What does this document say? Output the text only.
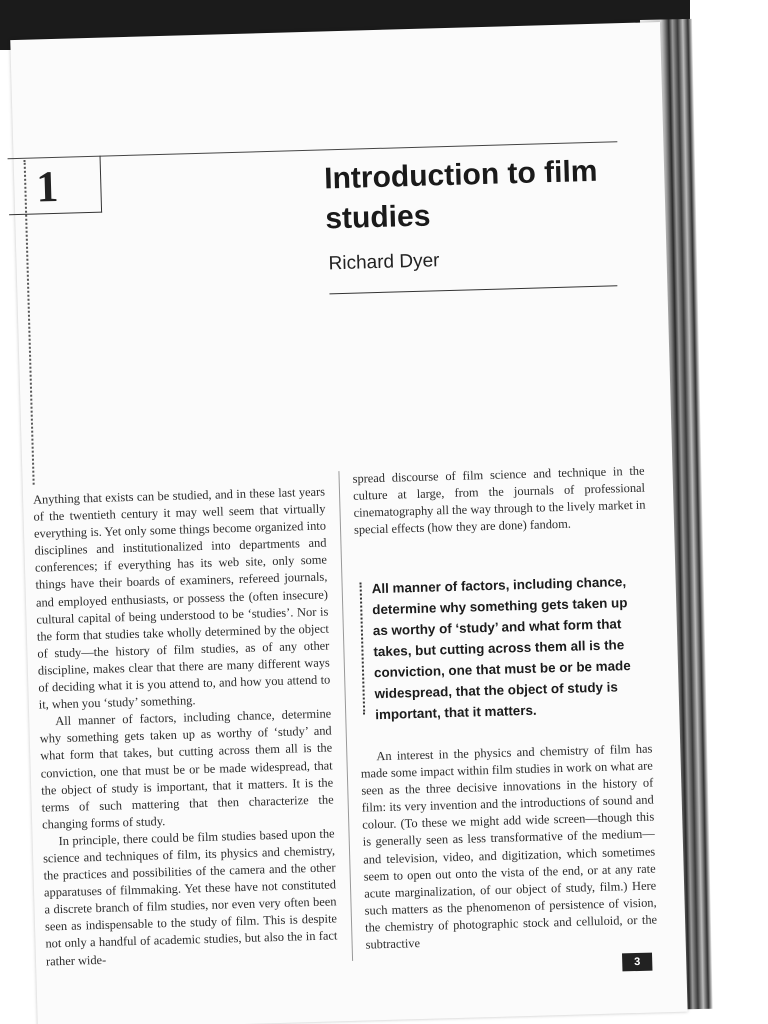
1	Introduction to film studies
Richard Dyer

Anything that exists can be studied, and in these last years of the twentieth century it may well seem that virtually everything is. Yet only some things become organized into disciplines and institutionalized into departments and conferences; if everything has its web site, only some things have their boards of examiners, refereed journals, and employed enthusiasts, or possess the (often insecure) cultural capital of being understood to be ‘studies’. Nor is the form that studies take wholly determined by the object of study—the history of film studies, as of any other discipline, makes clear that there are many different ways of deciding what it is you attend to, and how you attend to it, when you ‘study’ something.

All manner of factors, including chance, determine why something gets taken up as worthy of ‘study’ and what form that takes, but cutting across them all is the conviction, one that must be or be made widespread, that the object of study is important, that it matters. It is the terms of such mattering that then characterize the changing forms of study.

In principle, there could be film studies based upon the science and techniques of film, its physics and chemistry, the practices and possibilities of the camera and the other apparatuses of filmmaking. Yet these have not constituted a discrete branch of film studies, nor even very often been seen as indispensable to the study of film. This is despite not only a handful of academic studies, but also the in fact rather wide-

spread discourse of film science and technique in the culture at large, from the journals of professional cinematography all the way through to the lively market in special effects (how they are done) fandom.

All manner of factors, including chance, determine why something gets taken up as worthy of ‘study’ and what form that takes, but cutting across them all is the conviction, one that must be or be made widespread, that the object of study is important, that it matters.

An interest in the physics and chemistry of film has made some impact within film studies in work on what are seen as the three decisive innovations in the history of film: its very invention and the introductions of sound and colour. (To these we might add wide screen—though this is generally seen as less transformative of the medium—and television, video, and digitization, which sometimes seem to open out onto the vista of the end, or at any rate acute marginalization, of our object of study, film.) Here such matters as the phenomenon of persistence of vision, the chemistry of photographic stock and celluloid, or the subtractive

3
